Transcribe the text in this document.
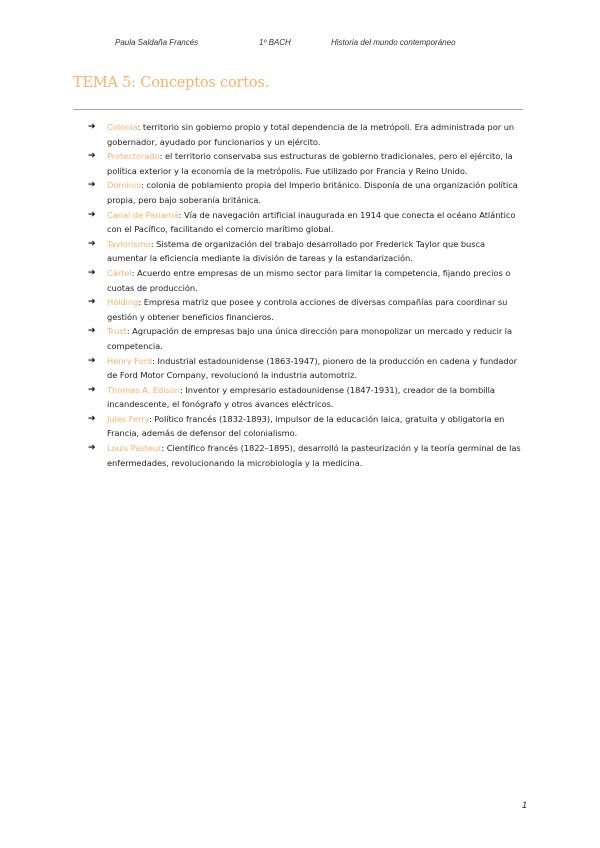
Paula Saldaña Francés	1º BACH	Historia del mundo contemporáneo
TEMA 5: Conceptos cortos.
➔ Colonia: territorio sin gobierno propio y total dependencia de la metrópoli. Era administrada por un gobernador, ayudado por funcionarios y un ejército.
➔ Protectorado: el territorio conservaba sus estructuras de gobierno tradicionales, pero el ejército, la política exterior y la economía de la metrópolis. Fue utilizado por Francia y Reino Unido.
➔ Dominio: colonia de poblamiento propia del Imperio británico. Disponía de una organización política propia, pero bajo soberanía británica.
➔ Canal de Panamá: Vía de navegación artificial inaugurada en 1914 que conecta el océano Atlántico con el Pacífico, facilitando el comercio marítimo global.
➔ Taylorismo: Sistema de organización del trabajo desarrollado por Frederick Taylor que busca aumentar la eficiencia mediante la división de tareas y la estandarización.
➔ Cártel: Acuerdo entre empresas de un mismo sector para limitar la competencia, fijando precios o cuotas de producción.
➔ Hólding: Empresa matriz que posee y controla acciones de diversas compañías para coordinar su gestión y obtener beneficios financieros.
➔ Trust: Agrupación de empresas bajo una única dirección para monopolizar un mercado y reducir la competencia.
➔ Henry Ford: Industrial estadounidense (1863-1947), pionero de la producción en cadena y fundador de Ford Motor Company, revolucionó la industria automotriz.
➔ Thomas A. Edison: Inventor y empresario estadounidense (1847-1931), creador de la bombilla incandescente, el fonógrafo y otros avances eléctricos.
➔ Jules Ferry: Político francés (1832-1893), impulsor de la educación laica, gratuita y obligatoria en Francia, además de defensor del colonialismo.
➔ Louis Pasteur: Científico francés (1822–1895), desarrolló la pasteurización y la teoría germinal de las enfermedades, revolucionando la microbiología y la medicina.
1
